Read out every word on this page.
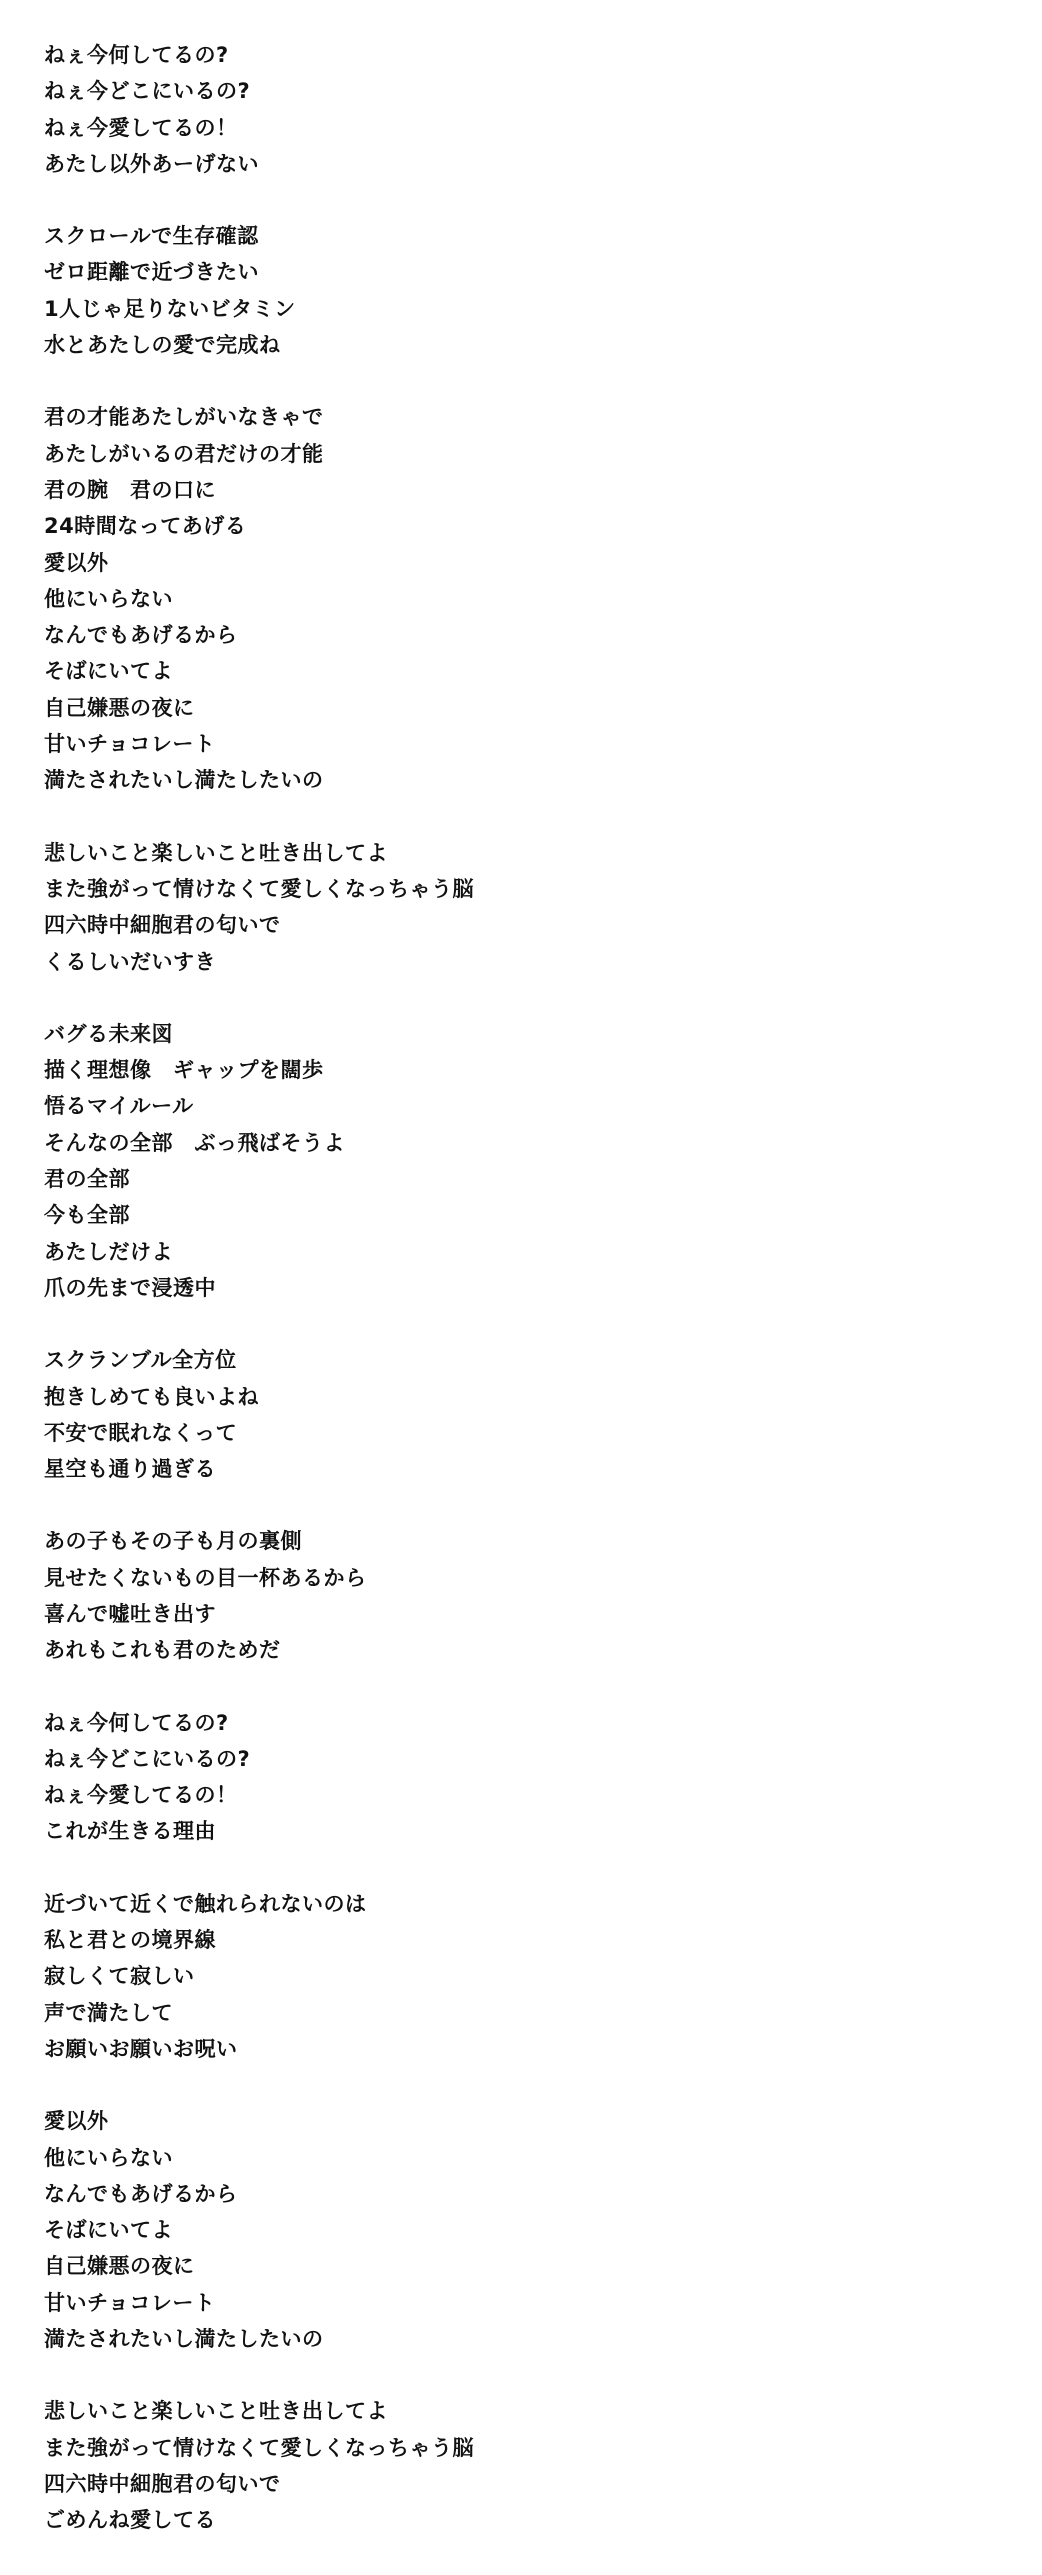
ねぇ今何してるの?
ねぇ今どこにいるの?
ねぇ今愛してるの！
あたし以外あーげない
スクロールで生存確認
ゼロ距離で近づきたい
1人じゃ足りないビタミン
水とあたしの愛で完成ね
君の才能あたしがいなきゃで
あたしがいるの君だけの才能
君の腕　君の口に
24時間なってあげる
愛以外
他にいらない
なんでもあげるから
そばにいてよ
自己嫌悪の夜に
甘いチョコレート
満たされたいし満たしたいの
悲しいこと楽しいこと吐き出してよ
また強がって情けなくて愛しくなっちゃう脳
四六時中細胞君の匂いで
くるしいだいすき
バグる未来図
描く理想像　ギャップを闊歩
悟るマイルール
そんなの全部　ぶっ飛ばそうよ
君の全部
今も全部
あたしだけよ
爪の先まで浸透中
スクランブル全方位
抱きしめても良いよね
不安で眠れなくって
星空も通り過ぎる
あの子もその子も月の裏側
見せたくないもの目一杯あるから
喜んで嘘吐き出す
あれもこれも君のためだ
ねぇ今何してるの?
ねぇ今どこにいるの?
ねぇ今愛してるの！
これが生きる理由
近づいて近くで触れられないのは
私と君との境界線
寂しくて寂しい
声で満たして
お願いお願いお呪い
愛以外
他にいらない
なんでもあげるから
そばにいてよ
自己嫌悪の夜に
甘いチョコレート
満たされたいし満たしたいの
悲しいこと楽しいこと吐き出してよ
また強がって情けなくて愛しくなっちゃう脳
四六時中細胞君の匂いで
ごめんね愛してる
